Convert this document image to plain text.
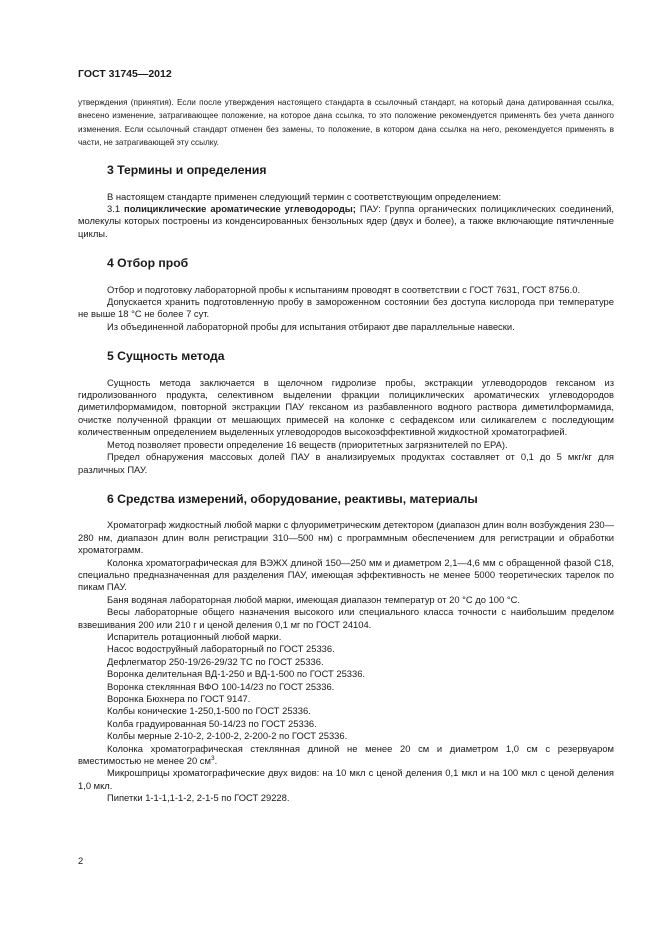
ГОСТ 31745—2012

утверждения (принятия). Если после утверждения настоящего стандарта в ссылочный стандарт, на который дана датированная ссылка, внесено изменение, затрагивающее положение, на которое дана ссылка, то это положение рекомендуется применять без учета данного изменения. Если ссылочный стандарт отменен без замены, то положение, в котором дана ссылка на него, рекомендуется применять в части, не затрагивающей эту ссылку.

3 Термины и определения

В настоящем стандарте применен следующий термин с соответствующим определением:

3.1 полициклические ароматические углеводороды; ПАУ: Группа органических полициклических соединений, молекулы которых построены из конденсированных бензольных ядер (двух и более), а также включающие пятичленные циклы.

4 Отбор проб

Отбор и подготовку лабораторной пробы к испытаниям проводят в соответствии с ГОСТ 7631, ГОСТ 8756.0.

Допускается хранить подготовленную пробу в замороженном состоянии без доступа кислорода при температуре не выше 18 °С не более 7 сут.

Из объединенной лабораторной пробы для испытания отбирают две параллельные навески.

5 Сущность метода

Сущность метода заключается в щелочном гидролизе пробы, экстракции углеводородов гексаном из гидролизованного продукта, селективном выделении фракции полициклических ароматических углеводородов диметилформамидом, повторной экстракции ПАУ гексаном из разбавленного водного раствора диметилформамида, очистке полученной фракции от мешающих примесей на колонке с сефадексом или силикагелем с последующим количественным определением выделенных углеводородов высокоэффективной жидкостной хроматографией.

Метод позволяет провести определение 16 веществ (приоритетных загрязнителей по ЕРА).

Предел обнаружения массовых долей ПАУ в анализируемых продуктах составляет от 0,1 до 5 мкг/кг для различных ПАУ.

6 Средства измерений, оборудование, реактивы, материалы

Хроматограф жидкостный любой марки с флуориметрическим детектором (диапазон длин волн возбуждения 230—280 нм, диапазон длин волн регистрации 310—500 нм) с программным обеспечением для регистрации и обработки хроматограмм.

Колонка хроматографическая для ВЭЖХ длиной 150—250 мм и диаметром 2,1—4,6 мм с обращенной фазой С18, специально предназначенная для разделения ПАУ, имеющая эффективность не менее 5000 теоретических тарелок по пикам ПАУ.

Баня водяная лабораторная любой марки, имеющая диапазон температур от 20 °С до 100 °С.

Весы лабораторные общего назначения высокого или специального класса точности с наибольшим пределом взвешивания 200 или 210 г и ценой деления 0,1 мг по ГОСТ 24104.

Испаритель ротационный любой марки.

Насос водоструйный лабораторный по ГОСТ 25336.

Дефлегматор 250-19/26-29/32 ТС по ГОСТ 25336.

Воронка делительная ВД-1-250 и ВД-1-500 по ГОСТ 25336.

Воронка стеклянная ВФО 100-14/23 по ГОСТ 25336.

Воронка Бюхнера по ГОСТ 9147.

Колбы конические 1-250,1-500 по ГОСТ 25336.

Колба градуированная 50-14/23 по ГОСТ 25336.

Колбы мерные 2-10-2, 2-100-2, 2-200-2 по ГОСТ 25336.

Колонка хроматографическая стеклянная длиной не менее 20 см и диаметром 1,0 см с резервуаром вместимостью не менее 20 $см^3$.

Микрошприцы хроматографические двух видов: на 10 мкл с ценой деления 0,1 мкл и на 100 мкл с ценой деления 1,0 мкл.

Пипетки 1-1-1,1-1-2, 2-1-5 по ГОСТ 29228.

2
